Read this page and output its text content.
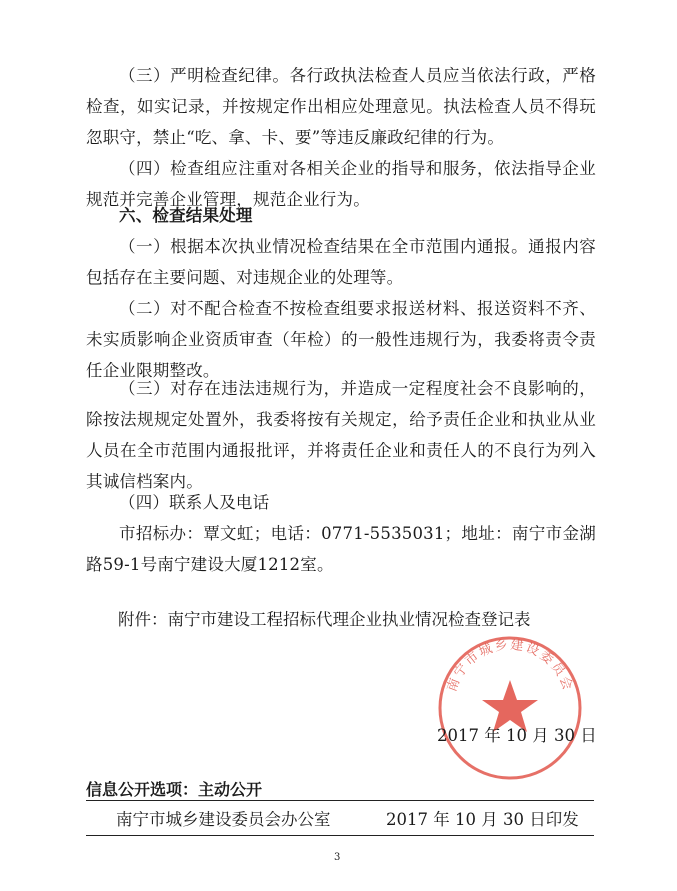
（三）严明检查纪律。各行政执法检查人员应当依法行政，严格检查，如实记录，并按规定作出相应处理意见。执法检查人员不得玩忽职守，禁止“吃、拿、卡、要”等违反廉政纪律的行为。

（四）检查组应注重对各相关企业的指导和服务，依法指导企业规范并完善企业管理，规范企业行为。

六、检查结果处理

（一）根据本次执业情况检查结果在全市范围内通报。通报内容包括存在主要问题、对违规企业的处理等。

（二）对不配合检查不按检查组要求报送材料、报送资料不齐、未实质影响企业资质审查（年检）的一般性违规行为，我委将责令责任企业限期整改。

（三）对存在违法违规行为，并造成一定程度社会不良影响的，除按法规规定处置外，我委将按有关规定，给予责任企业和执业从业人员在全市范围内通报批评，并将责任企业和责任人的不良行为列入其诚信档案内。

（四）联系人及电话

市招标办：覃文虹；电话：0771-5535031；地址：南宁市金湖路59-1号南宁建设大厦1212室。

附件：南宁市建设工程招标代理企业执业情况检查登记表
南宁市城乡建设委员会
2017 年 10 月 30 日
信息公开选项：主动公开
南宁市城乡建设委员会办公室	2017 年 10 月 30 日印发
3
